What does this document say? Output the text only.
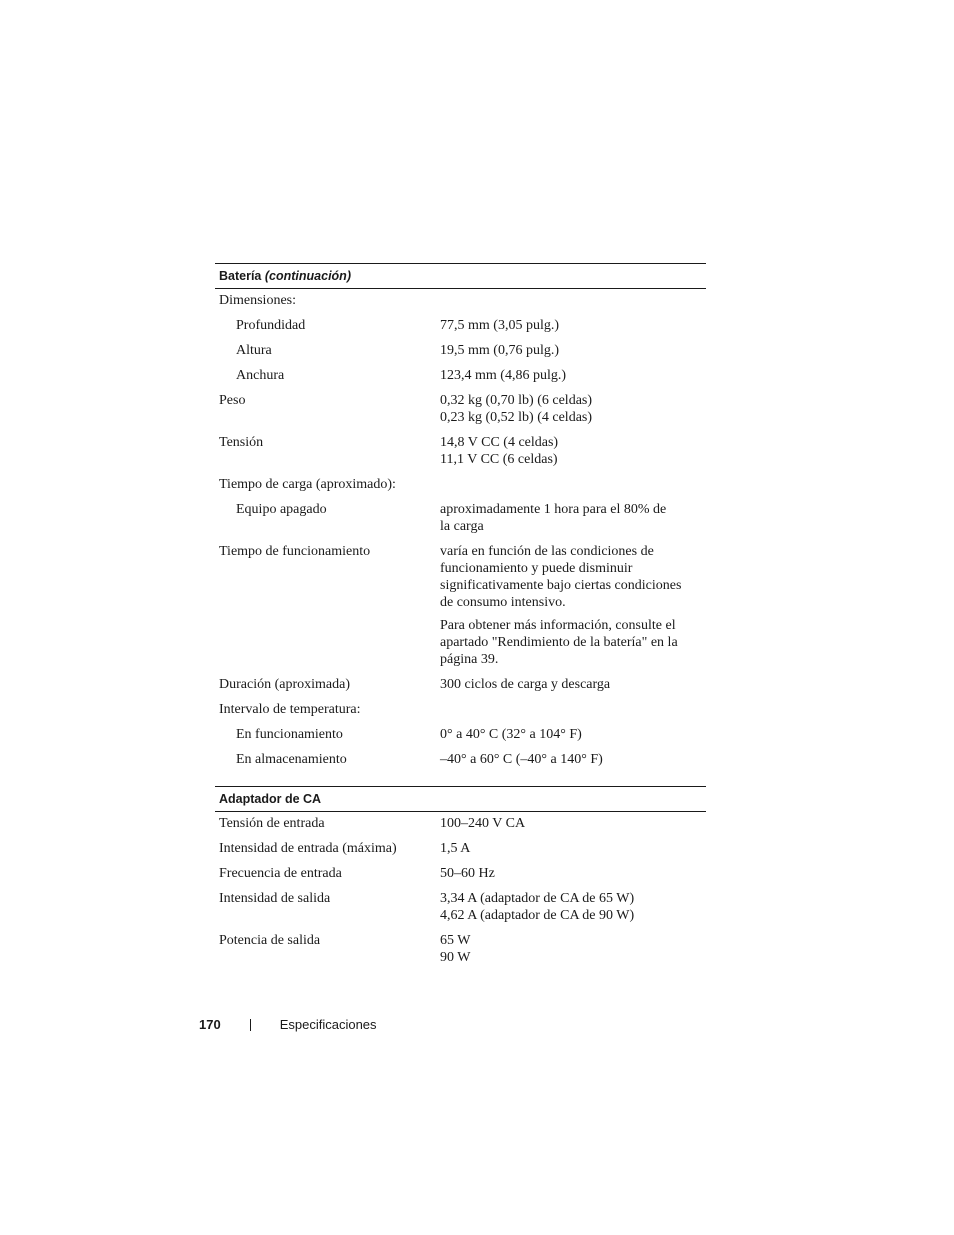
Batería (continuación)
Dimensiones:
Profundidad	77,5 mm (3,05 pulg.)
Altura	19,5 mm (0,76 pulg.)
Anchura	123,4 mm (4,86 pulg.)
Peso	0,32 kg (0,70 lb) (6 celdas)
0,23 kg (0,52 lb) (4 celdas)
Tensión	14,8 V CC (4 celdas)
11,1 V CC (6 celdas)
Tiempo de carga (aproximado):
Equipo apagado	aproximadamente 1 hora para el 80% de
la carga
Tiempo de funcionamiento	varía en función de las condiciones de
funcionamiento y puede disminuir
significativamente bajo ciertas condiciones
de consumo intensivo.

Para obtener más información, consulte el
apartado "Rendimiento de la batería" en la
página 39.

Duración (aproximada)	300 ciclos de carga y descarga
Intervalo de temperatura:
En funcionamiento	0° a 40° C (32° a 104° F)
En almacenamiento	–40° a 60° C (–40° a 140° F)
Adaptador de CA
Tensión de entrada	100–240 V CA
Intensidad de entrada (máxima)	1,5 A
Frecuencia de entrada	50–60 Hz
Intensidad de salida	3,34 A (adaptador de CA de 65 W)
4,62 A (adaptador de CA de 90 W)
Potencia de salida	65 W
90 W
170	Especificaciones
